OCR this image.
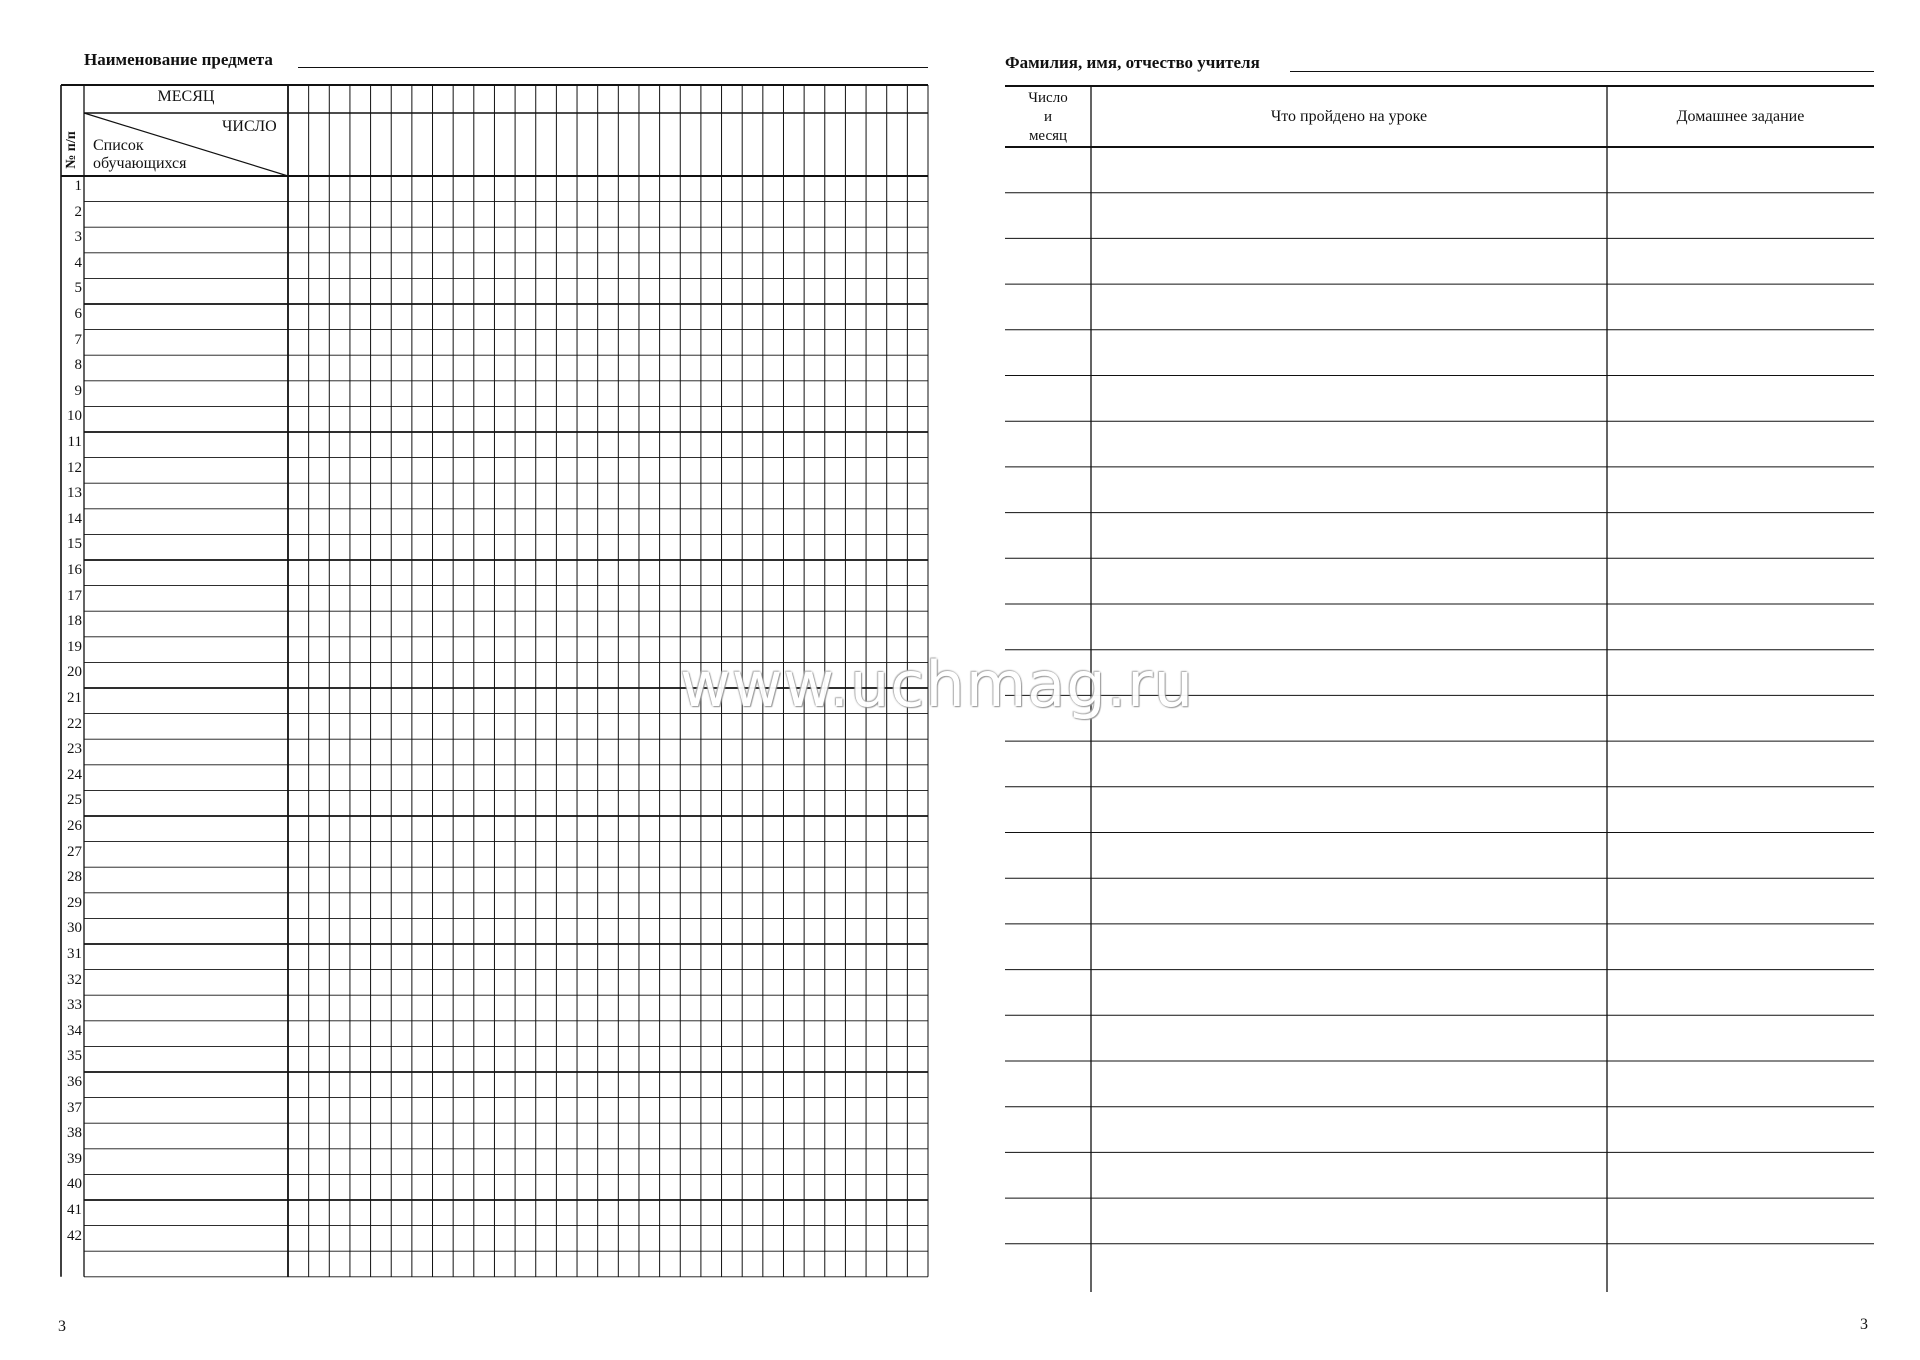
Наименование предмета
МЕСЯЦ
№ п/п
ЧИСЛО
Список
обучающихся
1
2
3
4
5
6
7
8
9
10
11
12
13
14
15
16
17
18
19
20
21
22
23
24
25
26
27
28
29
30
31
32
33
34
35
36
37
38
39
40
41
42
3
Фамилия, имя, отчество учителя
Число
и
месяц
Что пройдено на уроке	Домашнее задание
3
www.uchmag.ru
